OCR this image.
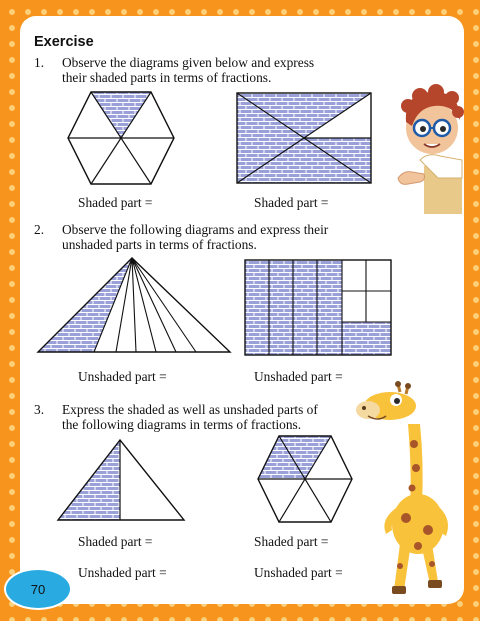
Exercise
1. Observe the diagrams given below and express
their shaded parts in terms of fractions.
Shaded part =	Shaded part =
2. Observe the following diagrams and express their
unshaded parts in terms of fractions.
Unshaded part =	Unshaded part =
3. Express the shaded as well as unshaded parts of
the following diagrams in terms of fractions.
Shaded part =	Shaded part =
Unshaded part =	Unshaded part =
70
